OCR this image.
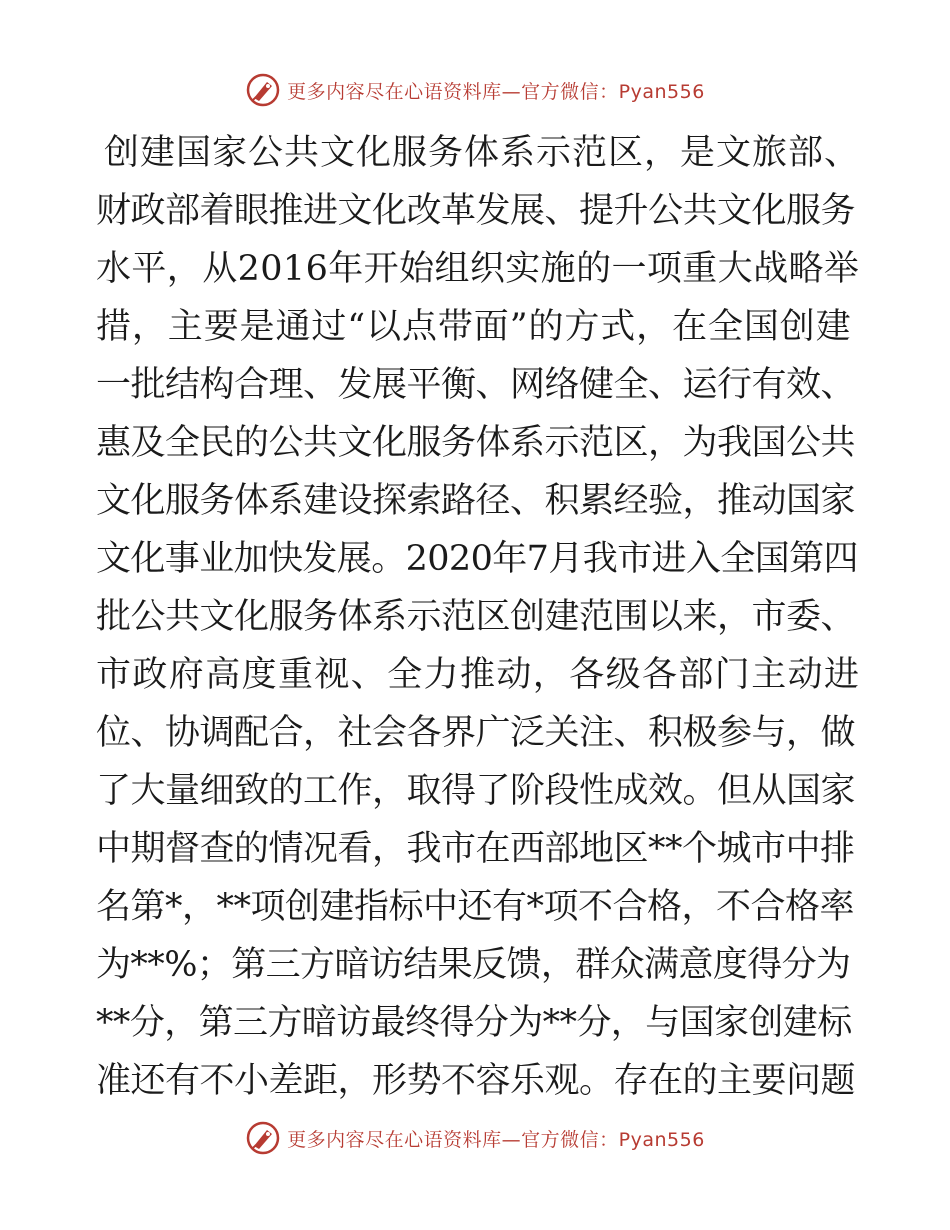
更多内容尽在心语资料库—官方微信：Pyan556
创建国家公共文化服务体系示范区，是文旅部、
财政部着眼推进文化改革发展、提升公共文化服务
水平，从2016年开始组织实施的一项重大战略举
措，主要是通过“以点带面”的方式，在全国创建
一批结构合理、发展平衡、网络健全、运行有效、
惠及全民的公共文化服务体系示范区，为我国公共
文化服务体系建设探索路径、积累经验，推动国家
文化事业加快发展。2020年7月我市进入全国第四
批公共文化服务体系示范区创建范围以来，市委、
市政府高度重视、全力推动，各级各部门主动进
位、协调配合，社会各界广泛关注、积极参与，做
了大量细致的工作，取得了阶段性成效。但从国家
中期督查的情况看，我市在西部地区**个城市中排
名第*，**项创建指标中还有*项不合格，不合格率
为**%；第三方暗访结果反馈，群众满意度得分为
**分，第三方暗访最终得分为**分，与国家创建标
准还有不小差距，形势不容乐观。存在的主要问题
更多内容尽在心语资料库—官方微信：Pyan556
